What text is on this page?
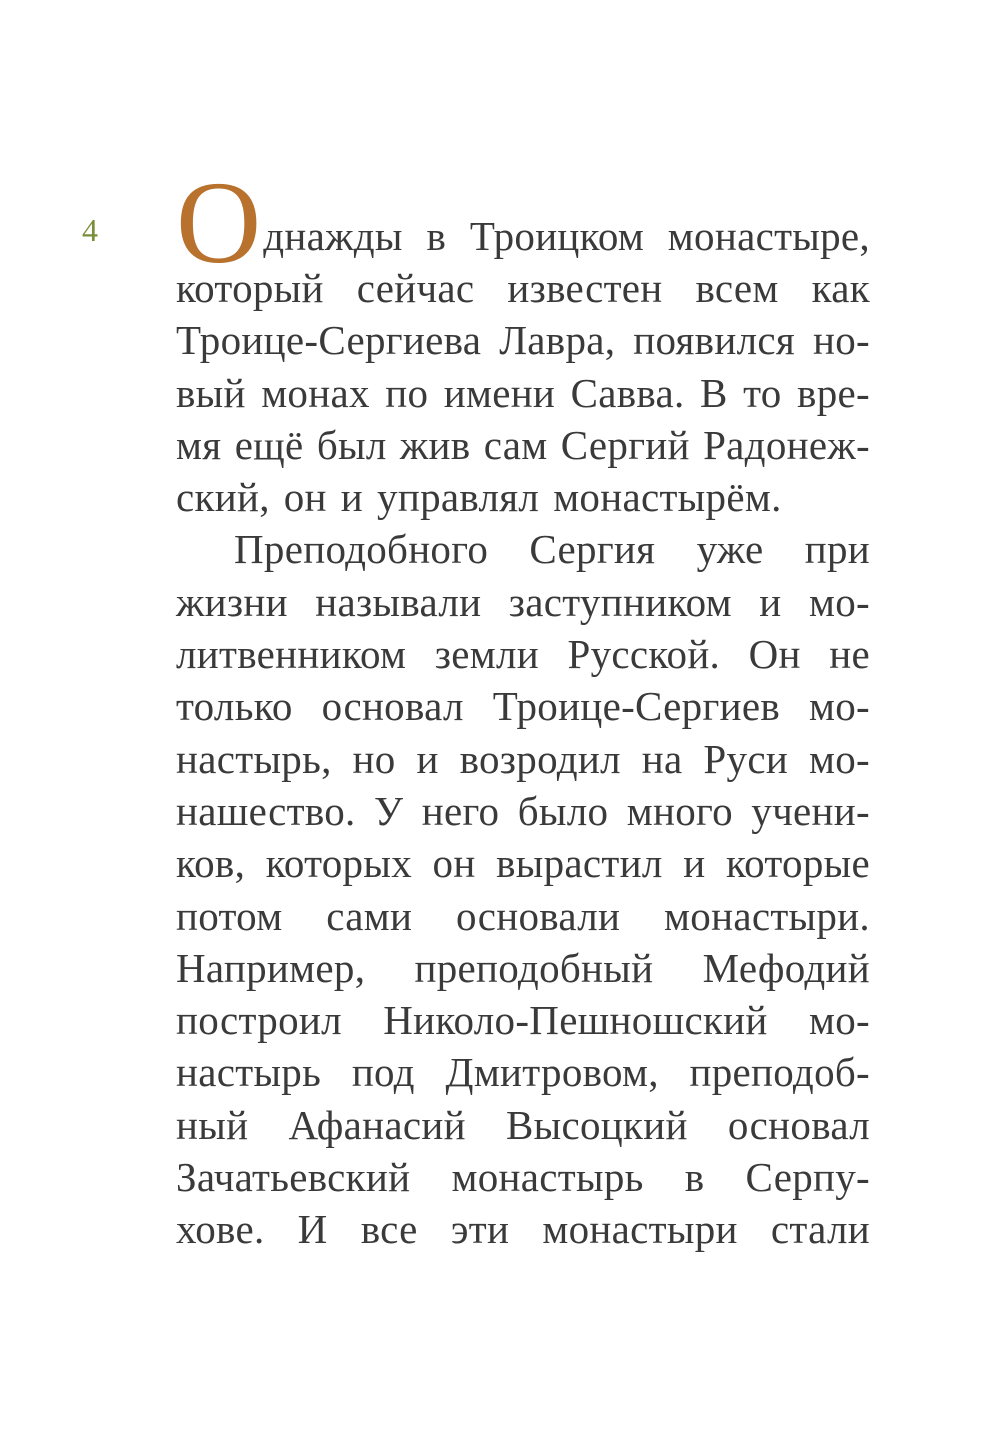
4 О днажды в Троицком монастыре,
который сейчас известен всем как
Троице-Сергиева Лавра, появился но-
вый монах по имени Савва. В то вре-
мя ещё был жив сам Сергий Радонеж-
ский, он и управлял монастырём.
Преподобного Сергия уже при
жизни называли заступником и мо-
литвенником земли Русской. Он не
только основал Троице-Сергиев мо-
настырь, но и возродил на Руси мо-
нашество. У него было много учени-
ков, которых он вырастил и которые
потом сами основали монастыри.
Например, преподобный Мефодий
построил Николо-Пешношский мо-
настырь под Дмитровом, преподоб-
ный Афанасий Высоцкий основал
Зачатьевский монастырь в Серпу-
хове. И все эти монастыри стали
